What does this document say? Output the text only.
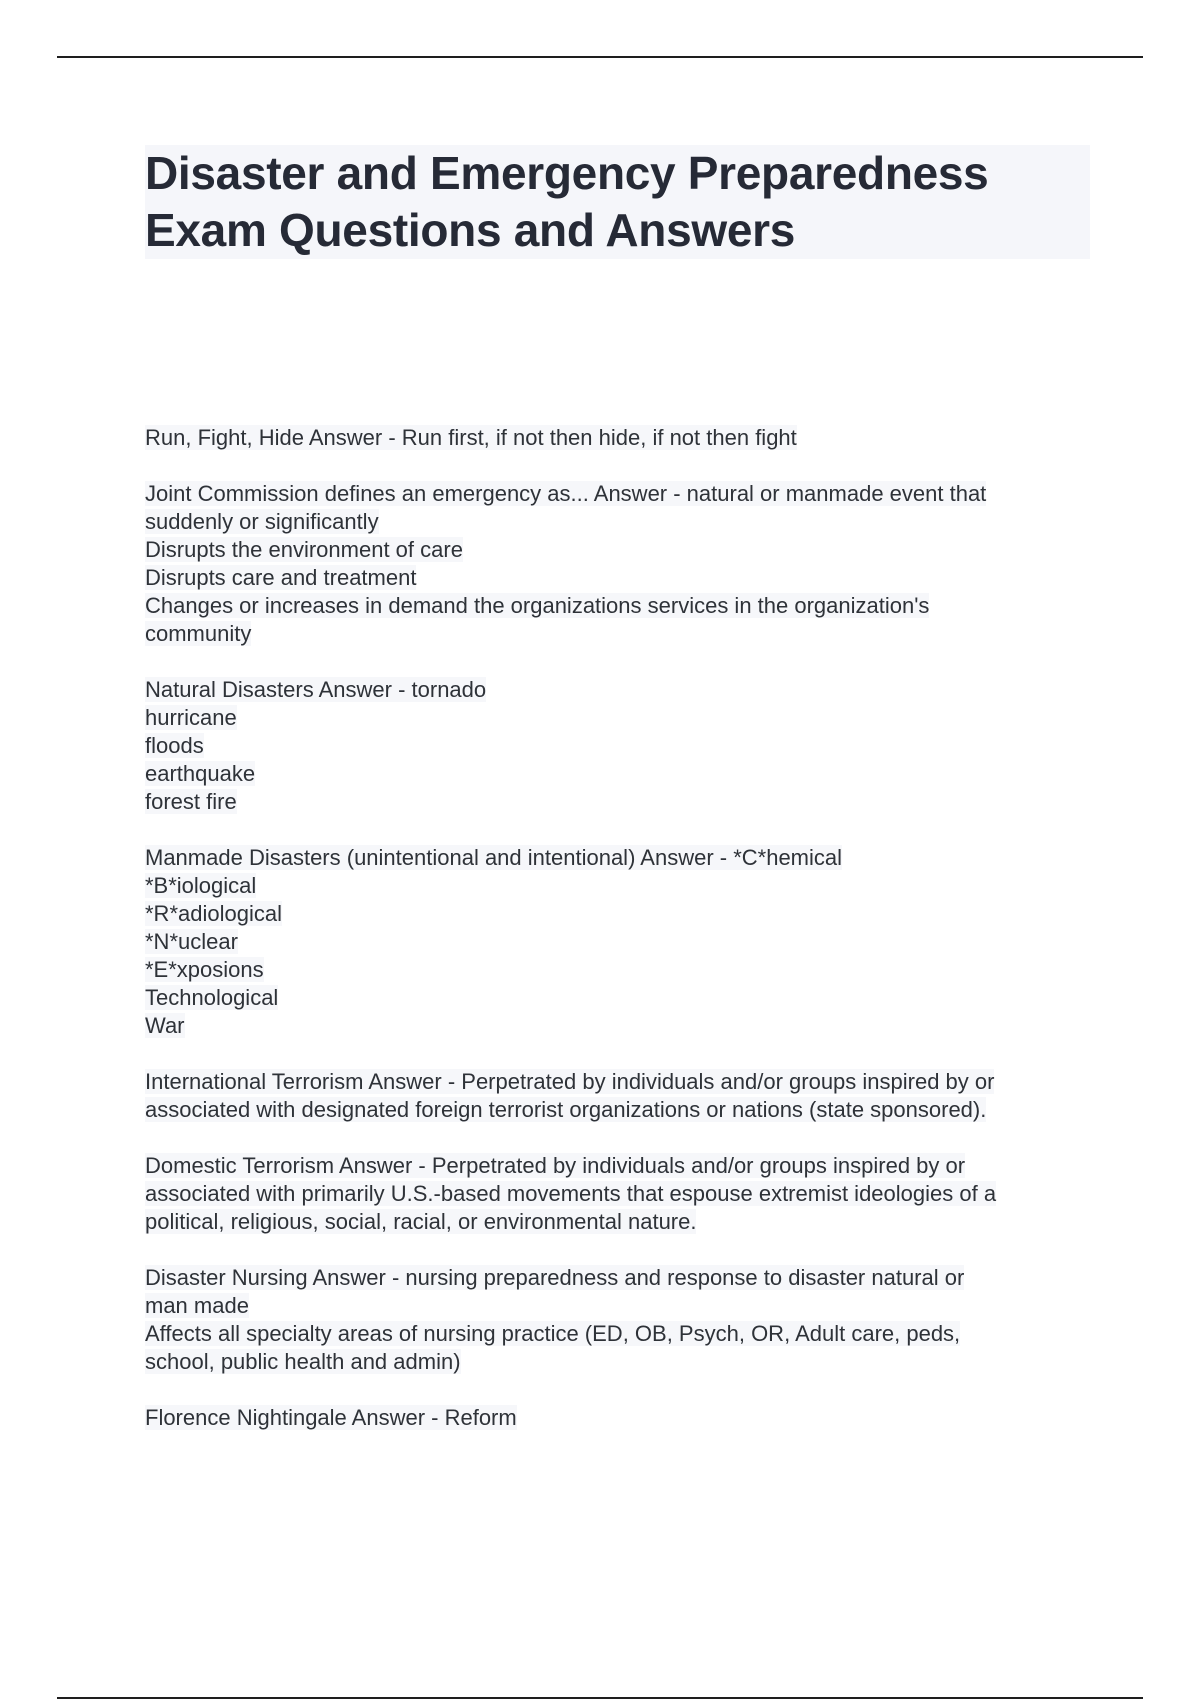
Disaster and Emergency Preparedness
Exam Questions and Answers
Run, Fight, Hide Answer - Run first, if not then hide, if not then fight
Joint Commission defines an emergency as... Answer - natural or manmade event that
suddenly or significantly
Disrupts the environment of care
Disrupts care and treatment
Changes or increases in demand the organizations services in the organization's
community
Natural Disasters Answer - tornado
hurricane
floods
earthquake
forest fire
Manmade Disasters (unintentional and intentional) Answer - *C*hemical
*B*iological
*R*adiological
*N*uclear
*E*xposions
Technological
War
International Terrorism Answer - Perpetrated by individuals and/or groups inspired by or
associated with designated foreign terrorist organizations or nations (state sponsored).
Domestic Terrorism Answer - Perpetrated by individuals and/or groups inspired by or
associated with primarily U.S.-based movements that espouse extremist ideologies of a
political, religious, social, racial, or environmental nature.
Disaster Nursing Answer - nursing preparedness and response to disaster natural or
man made
Affects all specialty areas of nursing practice (ED, OB, Psych, OR, Adult care, peds,
school, public health and admin)
Florence Nightingale Answer - Reform
